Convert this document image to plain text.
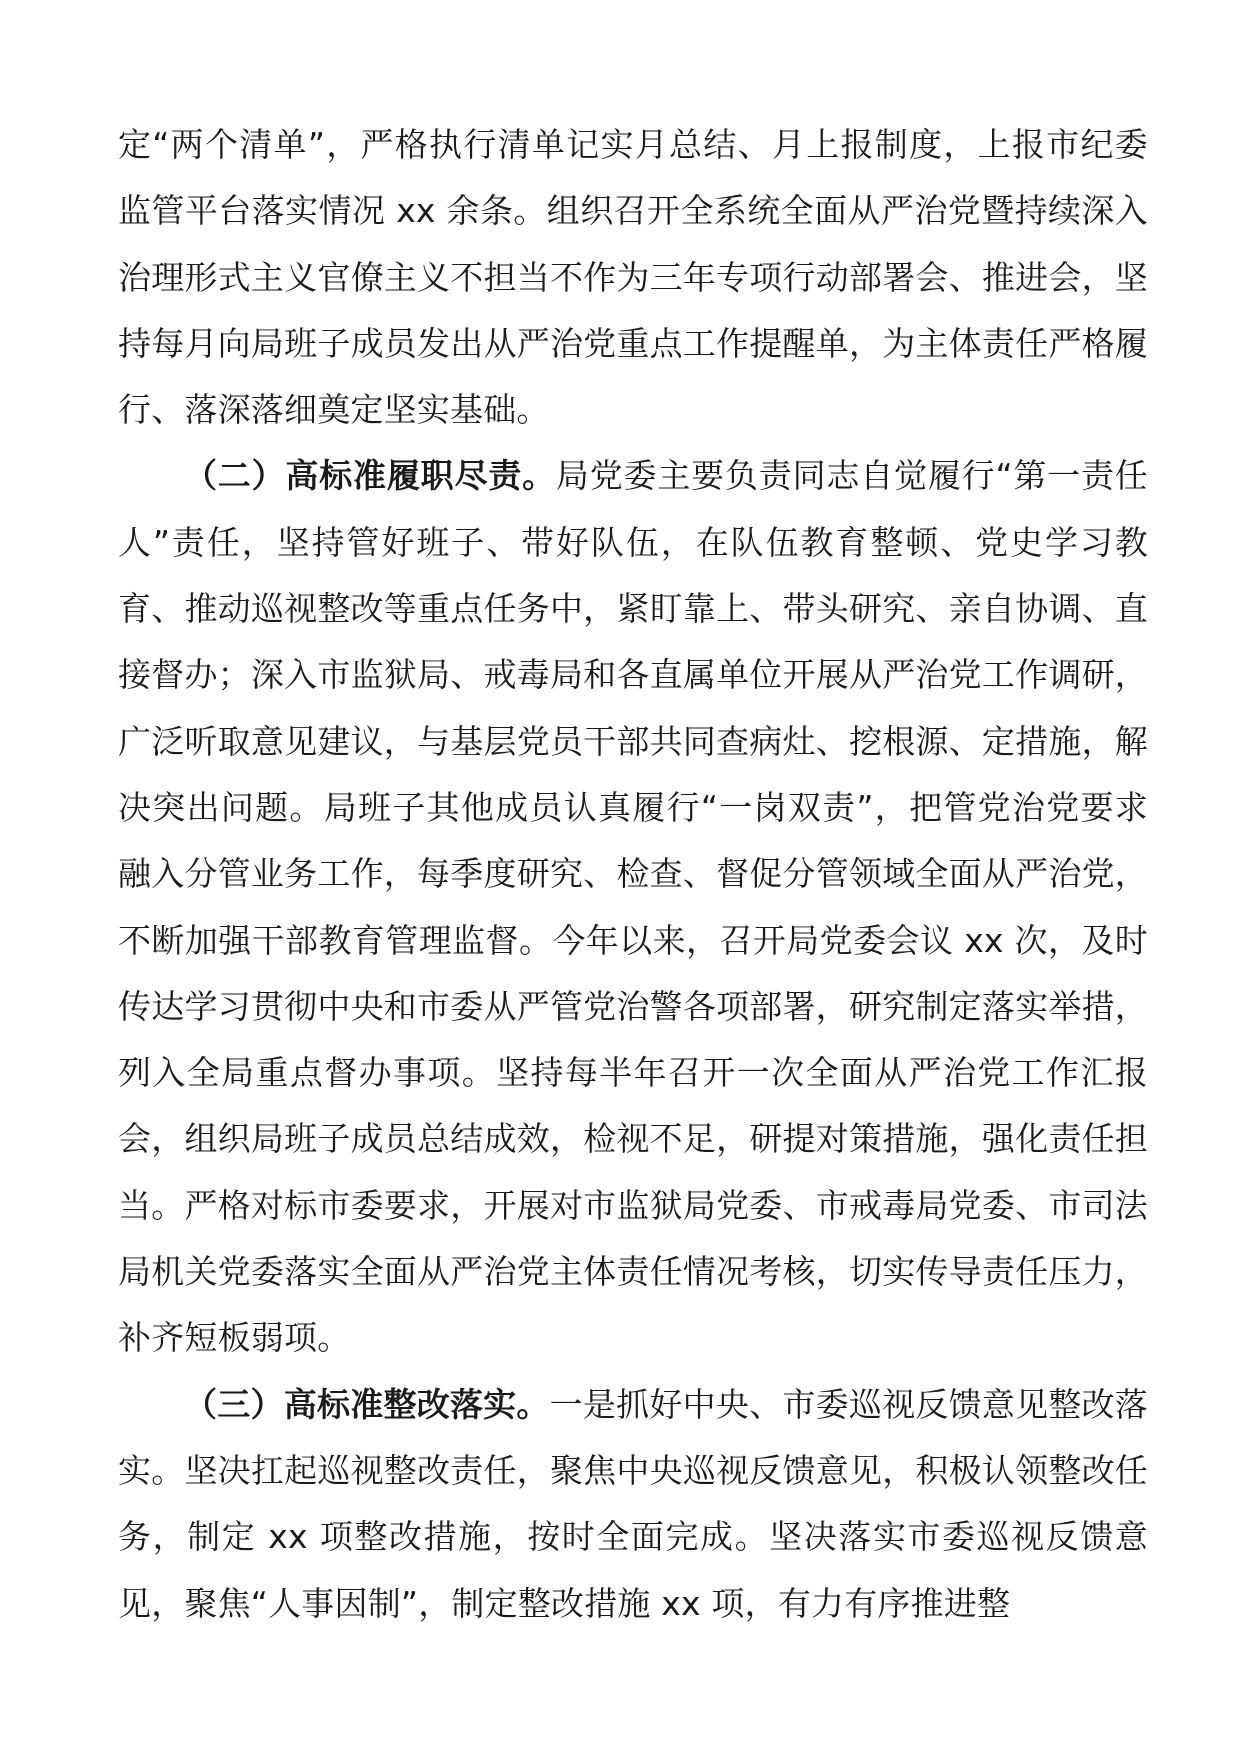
定“两个清单”，严格执行清单记实月总结、月上报制度，上报市纪委监管平台落实情况 xx 余条。组织召开全系统全面从严治党暨持续深入治理形式主义官僚主义不担当不作为三年专项行动部署会、推进会，坚持每月向局班子成员发出从严治党重点工作提醒单，为主体责任严格履行、落深落细奠定坚实基础。

（二）高标准履职尽责。局党委主要负责同志自觉履行“第一责任人”责任，坚持管好班子、带好队伍，在队伍教育整顿、党史学习教育、推动巡视整改等重点任务中，紧盯靠上、带头研究、亲自协调、直接督办；深入市监狱局、戒毒局和各直属单位开展从严治党工作调研，广泛听取意见建议，与基层党员干部共同查病灶、挖根源、定措施，解决突出问题。局班子其他成员认真履行“一岗双责”，把管党治党要求融入分管业务工作，每季度研究、检查、督促分管领域全面从严治党，不断加强干部教育管理监督。今年以来，召开局党委会议 xx 次，及时传达学习贯彻中央和市委从严管党治警各项部署，研究制定落实举措，列入全局重点督办事项。坚持每半年召开一次全面从严治党工作汇报会，组织局班子成员总结成效，检视不足，研提对策措施，强化责任担当。严格对标市委要求，开展对市监狱局党委、市戒毒局党委、市司法局机关党委落实全面从严治党主体责任情况考核，切实传导责任压力，补齐短板弱项。

（三）高标准整改落实。一是抓好中央、市委巡视反馈意见整改落实。坚决扛起巡视整改责任，聚焦中央巡视反馈意见，积极认领整改任务，制定 xx 项整改措施，按时全面完成。坚决落实市委巡视反馈意见，聚焦“人事因制”，制定整改措施 xx 项，有力有序推进整
